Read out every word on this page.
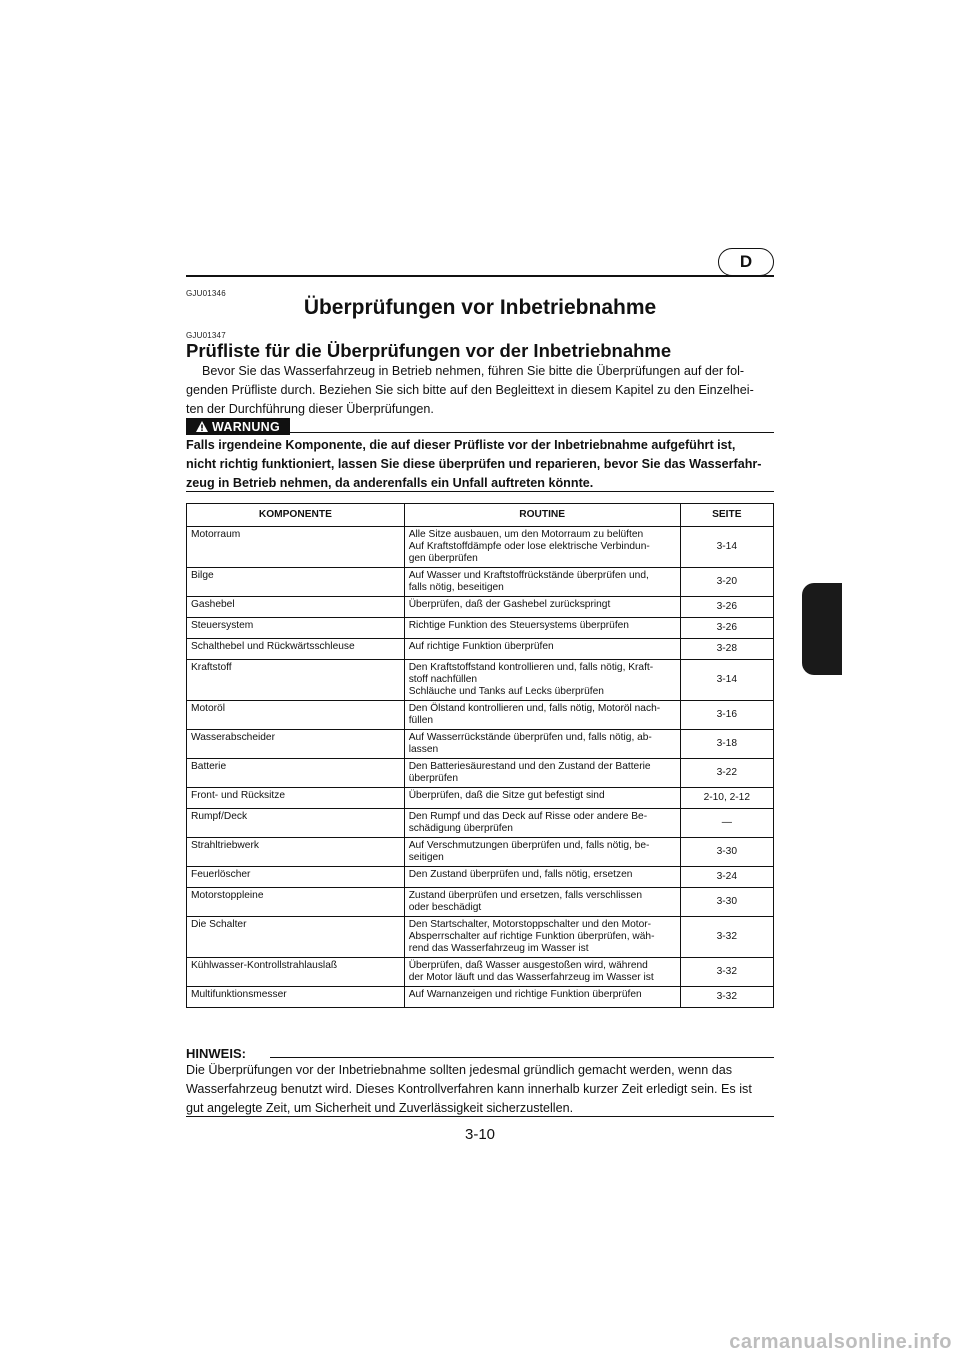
D
GJU01346
Überprüfungen vor Inbetriebnahme
GJU01347
Prüfliste für die Überprüfungen vor der Inbetriebnahme
Bevor Sie das Wasserfahrzeug in Betrieb nehmen, führen Sie bitte die Überprüfungen auf der fol-
genden Prüfliste durch. Beziehen Sie sich bitte auf den Begleittext in diesem Kapitel zu den Einzelhei-
ten der Durchführung dieser Überprüfungen.
WARNUNG
Falls irgendeine Komponente, die auf dieser Prüfliste vor der Inbetriebnahme aufgeführt ist,
nicht richtig funktioniert, lassen Sie diese überprüfen und reparieren, bevor Sie das Wasserfahr-
zeug in Betrieb nehmen, da anderenfalls ein Unfall auftreten könnte.
KOMPONENTE	ROUTINE	SEITE
Motorraum	Alle Sitze ausbauen, um den Motorraum zu belüften
Auf Kraftstoffdämpfe oder lose elektrische Verbindun-
gen überprüfen	3-14
Bilge	Auf Wasser und Kraftstoffrückstände überprüfen und,
falls nötig, beseitigen	3-20
Gashebel	Überprüfen, daß der Gashebel zurückspringt	3-26
Steuersystem	Richtige Funktion des Steuersystems überprüfen	3-26
Schalthebel und Rückwärtsschleuse	Auf richtige Funktion überprüfen	3-28
Kraftstoff	Den Kraftstoffstand kontrollieren und, falls nötig, Kraft-
stoff nachfüllen
Schläuche und Tanks auf Lecks überprüfen	3-14
Motoröl	Den Ölstand kontrollieren und, falls nötig, Motoröl nach-
füllen	3-16
Wasserabscheider	Auf Wasserrückstände überprüfen und, falls nötig, ab-
lassen	3-18
Batterie	Den Batteriesäurestand und den Zustand der Batterie
überprüfen	3-22
Front- und Rücksitze	Überprüfen, daß die Sitze gut befestigt sind	2-10, 2-12
Rumpf/Deck	Den Rumpf und das Deck auf Risse oder andere Be-
schädigung überprüfen	—
Strahltriebwerk	Auf Verschmutzungen überprüfen und, falls nötig, be-
seitigen	3-30
Feuerlöscher	Den Zustand überprüfen und, falls nötig, ersetzen	3-24
Motorstoppleine	Zustand überprüfen und ersetzen, falls verschlissen
oder beschädigt	3-30
Die Schalter	Den Startschalter, Motorstoppschalter und den Motor-
Absperrschalter auf richtige Funktion überprüfen, wäh-
rend das Wasserfahrzeug im Wasser ist	3-32
Kühlwasser-Kontrollstrahlauslaß	Überprüfen, daß Wasser ausgestoßen wird, während
der Motor läuft und das Wasserfahrzeug im Wasser ist	3-32
Multifunktionsmesser	Auf Warnanzeigen und richtige Funktion überprüfen	3-32
HINWEIS:
Die Überprüfungen vor der Inbetriebnahme sollten jedesmal gründlich gemacht werden, wenn das
Wasserfahrzeug benutzt wird. Dieses Kontrollverfahren kann innerhalb kurzer Zeit erledigt sein. Es ist
gut angelegte Zeit, um Sicherheit und Zuverlässigkeit sicherzustellen.
3-10
carmanualsonline.info
